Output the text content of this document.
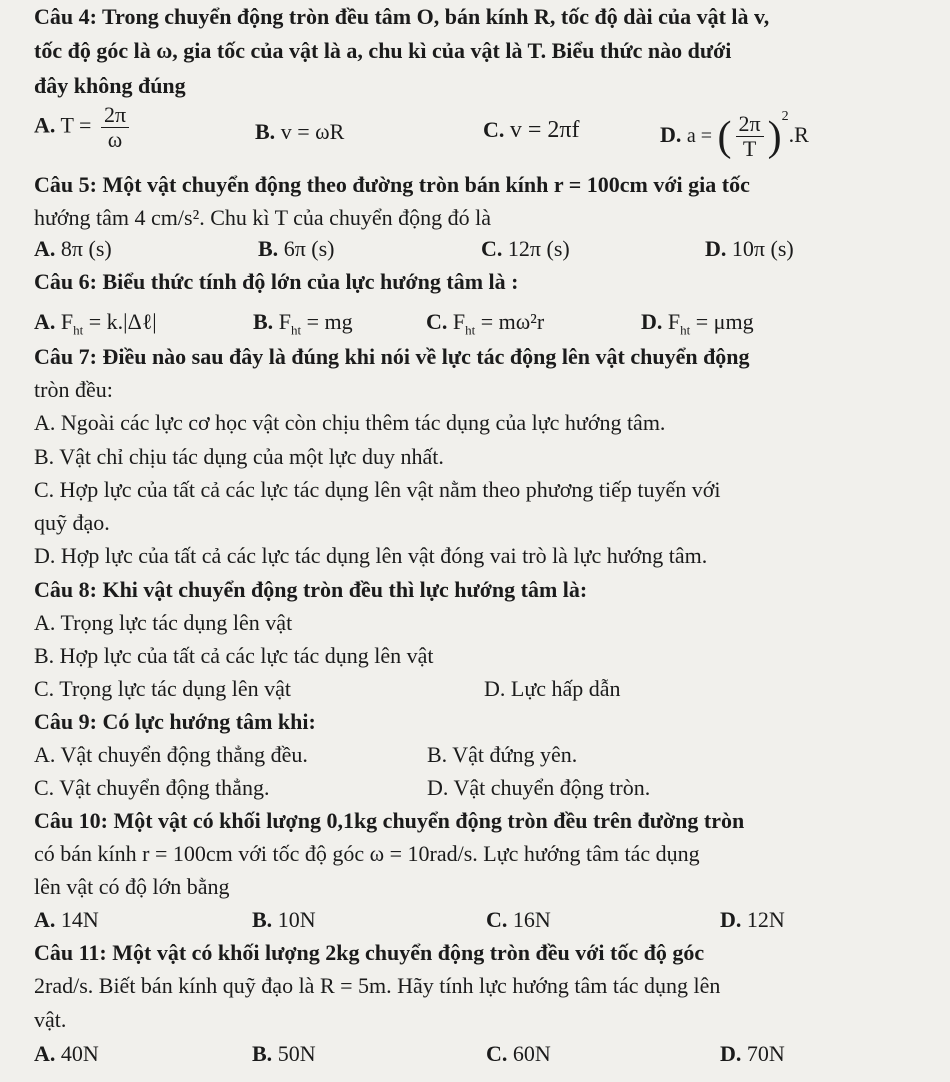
Câu 4: Trong chuyển động tròn đều tâm O, bán kính R, tốc độ dài của vật là v,
tốc độ góc là ω, gia tốc của vật là a, chu kì của vật là T. Biểu thức nào dưới
đây không đúng
A. $T = \frac{2\pi}{\omega}$	B. v = ωR	C. v = 2πf	D. a = ( $\frac{2\pi}{T} )^2.R$
Câu 5: Một vật chuyển động theo đường tròn bán kính r = 100cm với gia tốc
hướng tâm 4 cm/s². Chu kì T của chuyển động đó là
A. 8π (s)	B. 6π (s)	C. 12π (s)	D. 10π (s)
Câu 6: Biểu thức tính độ lớn của lực hướng tâm là :
A. $F_{ht}$ = k.|Δℓ|	B. $F_{ht}$ = mg	C. $F_{ht} = m\omega^2r$	D. $F_{ht} = \mu mg$
Câu 7: Điều nào sau đây là đúng khi nói về lực tác động lên vật chuyển động
tròn đều:
A. Ngoài các lực cơ học vật còn chịu thêm tác dụng của lực hướng tâm.
B. Vật chỉ chịu tác dụng của một lực duy nhất.
C. Hợp lực của tất cả các lực tác dụng lên vật nằm theo phương tiếp tuyến với
quỹ đạo.
D. Hợp lực của tất cả các lực tác dụng lên vật đóng vai trò là lực hướng tâm.
Câu 8: Khi vật chuyển động tròn đều thì lực hướng tâm là:
A. Trọng lực tác dụng lên vật
B. Hợp lực của tất cả các lực tác dụng lên vật
C. Trọng lực tác dụng lên vật	D. Lực hấp dẫn
Câu 9: Có lực hướng tâm khi:
A. Vật chuyển động thẳng đều.	B. Vật đứng yên.
C. Vật chuyển động thẳng.	D. Vật chuyển động tròn.
Câu 10: Một vật có khối lượng 0,1kg chuyển động tròn đều trên đường tròn
có bán kính r = 100cm với tốc độ góc ω = 10rad/s. Lực hướng tâm tác dụng
lên vật có độ lớn bằng
A. 14N	B. 10N	C. 16N	D. 12N
Câu 11: Một vật có khối lượng 2kg chuyển động tròn đều với tốc độ góc
2rad/s. Biết bán kính quỹ đạo là R = 5m. Hãy tính lực hướng tâm tác dụng lên
vật.
A. 40N	B. 50N	C. 60N	D. 70N
